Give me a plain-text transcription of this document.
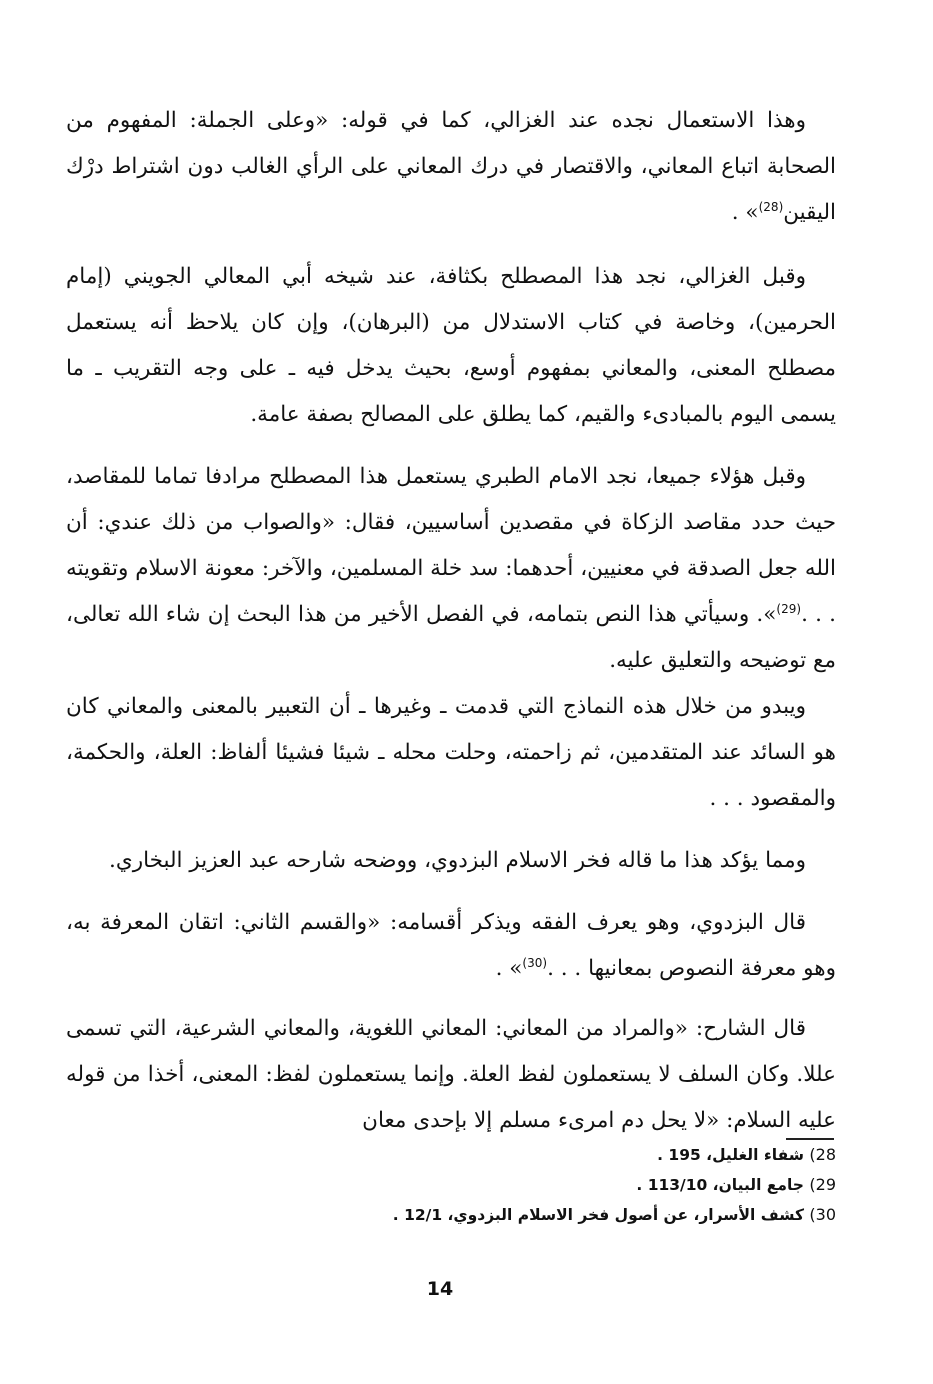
وهذا الاستعمال نجده عند الغزالي، كما في قوله: «وعلى الجملة: المفهوم من الصحابة اتباع المعاني، والاقتصار في درك المعاني على الرأي الغالب دون اشتراط درْك اليقين$^{(28)}$» .

وقبل الغزالي، نجد هذا المصطلح بكثافة، عند شيخه أبي المعالي الجويني (إمام الحرمين)، وخاصة في كتاب الاستدلال من (البرهان)، وإن كان يلاحظ أنه يستعمل مصطلح المعنى، والمعاني بمفهوم أوسع، بحيث يدخل فيه ـ على وجه التقريب ـ ما يسمى اليوم بالمبادىء والقيم، كما يطلق على المصالح بصفة عامة.

وقبل هؤلاء جميعا، نجد الامام الطبري يستعمل هذا المصطلح مرادفا تماما للمقاصد، حيث حدد مقاصد الزكاة في مقصدين أساسيين، فقال: «والصواب من ذلك عندي: أن الله جعل الصدقة في معنيين، أحدهما: سد خلة المسلمين، والآخر: معونة الاسلام وتقويته . . .$^{(29)}$». وسيأتي هذا النص بتمامه، في الفصل الأخير من هذا البحث إن شاء الله تعالى، مع توضيحه والتعليق عليه.

ويبدو من خلال هذه النماذج التي قدمت ـ وغيرها ـ أن التعبير بالمعنى والمعاني كان هو السائد عند المتقدمين، ثم زاحمته، وحلت محله ـ شيئا فشيئا ألفاظ: العلة، والحكمة، والمقصود . . .

ومما يؤكد هذا ما قاله فخر الاسلام البزدوي، ووضحه شارحه عبد العزيز البخاري.

قال البزدوي، وهو يعرف الفقه ويذكر أقسامه: «والقسم الثاني: اتقان المعرفة به، وهو معرفة النصوص بمعانيها . . .$^{(30)}$» .

قال الشارح: «والمراد من المعاني: المعاني اللغوية، والمعاني الشرعية، التي تسمى عللا. وكان السلف لا يستعملون لفظ العلة. وإنما يستعملون لفظ: المعنى، أخذا من قوله عليه السلام: «لا يحل دم امرىء مسلم إلا بإحدى معان

28) شفاء الغليل، 195 .
29) جامع البيان، 113/10 .
30) كشف الأسرار، عن أصول فخر الاسلام البزدوي، 12/1 .
14
